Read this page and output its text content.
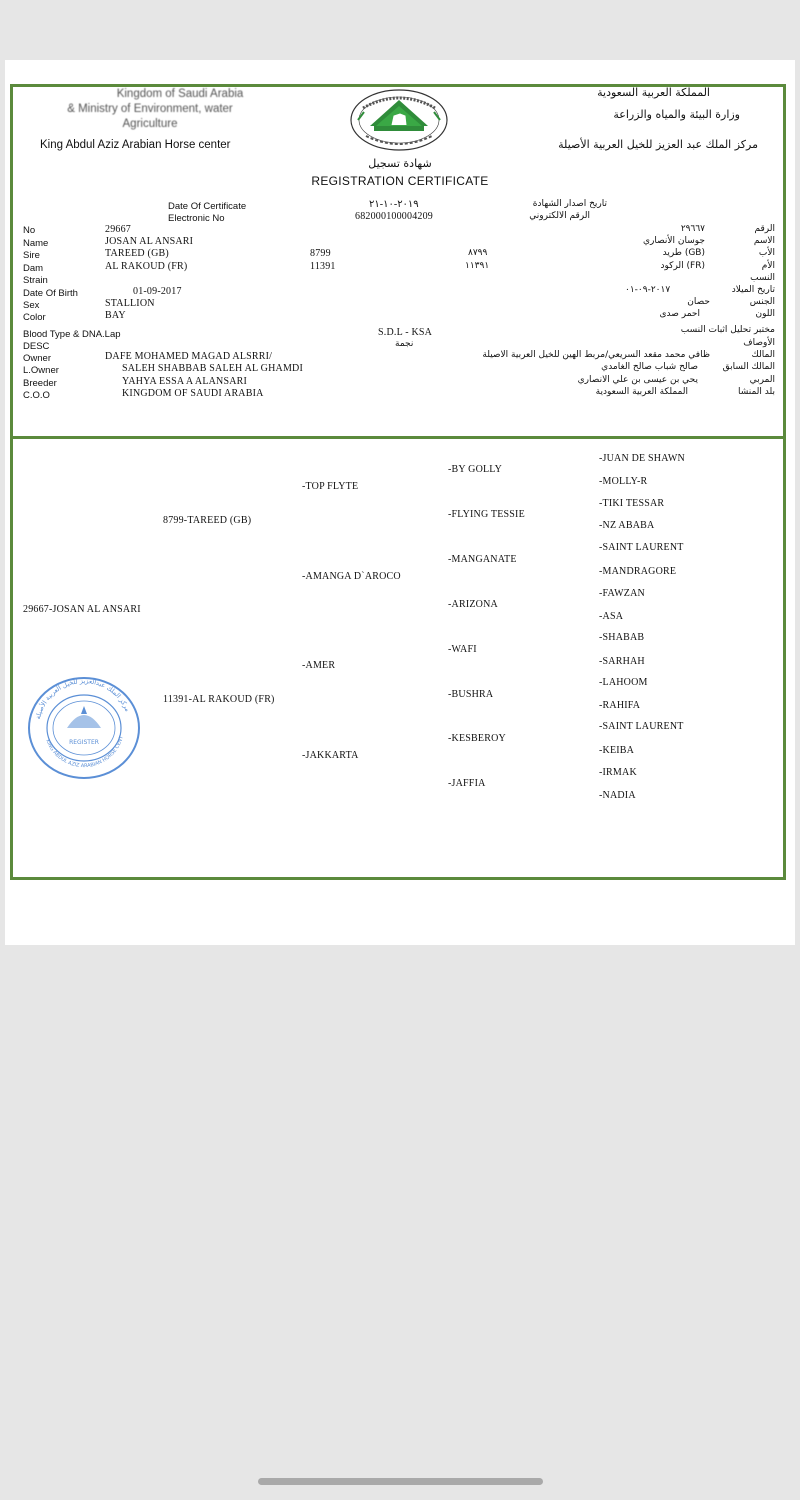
Kingdom of Saudi Arabia
& Ministry of Environment, water
Agriculture
King Abdul Aziz Arabian Horse center
المملكة العربية السعودية
وزارة البيئة والمياه والزراعة
مركز الملك عبد العزيز للخيل العربية الأصيلة
شهادة تسجيل
REGISTRATION CERTIFICATE
Date Of Certificate	٢٠١٩-١٠-٢١	تاريخ اصدار الشهادة
Electronic No	682000100004209	الرقم الالكتروني
No	29667	٢٩٦٦٧	الرقم
Name	JOSAN AL ANSARI	جوسان الأنصاري	الاسم
Sire	TAREED (GB)	8799	٨٧٩٩	(GB) طريد	الأب
Dam	AL RAKOUD (FR)	11391	١١٣٩١	(FR) الركود	الأم
Strain	النسب
Date Of Birth	01-09-2017	٢٠١٧-٠٩-٠١	تاريخ الميلاد
Sex	STALLION	حصان	الجنس
Color	BAY	احمر صدى	اللون
Blood Type & DNA.Lap	S.D.L - KSA	مختبر تحليل اثبات النسب
DESC	نجمة	الأوصاف
Owner	DAFE MOHAMED MAGAD ALSRRI/	ظافي محمد مقعد السريعي/مربط الهين للخيل العربية الاصيلة	المالك
L.Owner	SALEH SHABBAB SALEH AL GHAMDI	صالح شباب صالح الغامدي	المالك السابق
Breeder	YAHYA ESSA A ALANSARI	يحي بن عيسى بن علي الانصاري	المربي
C.O.O	KINGDOM OF SAUDI ARABIA	المملكة العربية السعودية	بلد المنشا
29667-JOSAN AL ANSARI
8799-TAREED (GB)
11391-AL RAKOUD (FR)
-TOP FLYTE
-AMANGA D`AROCO
-AMER
-JAKKARTA
-BY GOLLY
-FLYING TESSIE
-MANGANATE
-ARIZONA
-WAFI
-BUSHRA
-KESBEROY
-JAFFIA
-JUAN DE SHAWN
-MOLLY-R
-TIKI TESSAR
-NZ ABABA
-SAINT LAURENT
-MANDRAGORE
-FAWZAN
-ASA
-SHABAB
-SARHAH
-LAHOOM
-RAHIFA
-SAINT LAURENT
-KEIBA
-IRMAK
-NADIA
مركز الملك عبدالعزيز للخيل العربية الأصيلة
KING ABDUL AZIZ ARABIAN HORSE CENT
REGISTER
